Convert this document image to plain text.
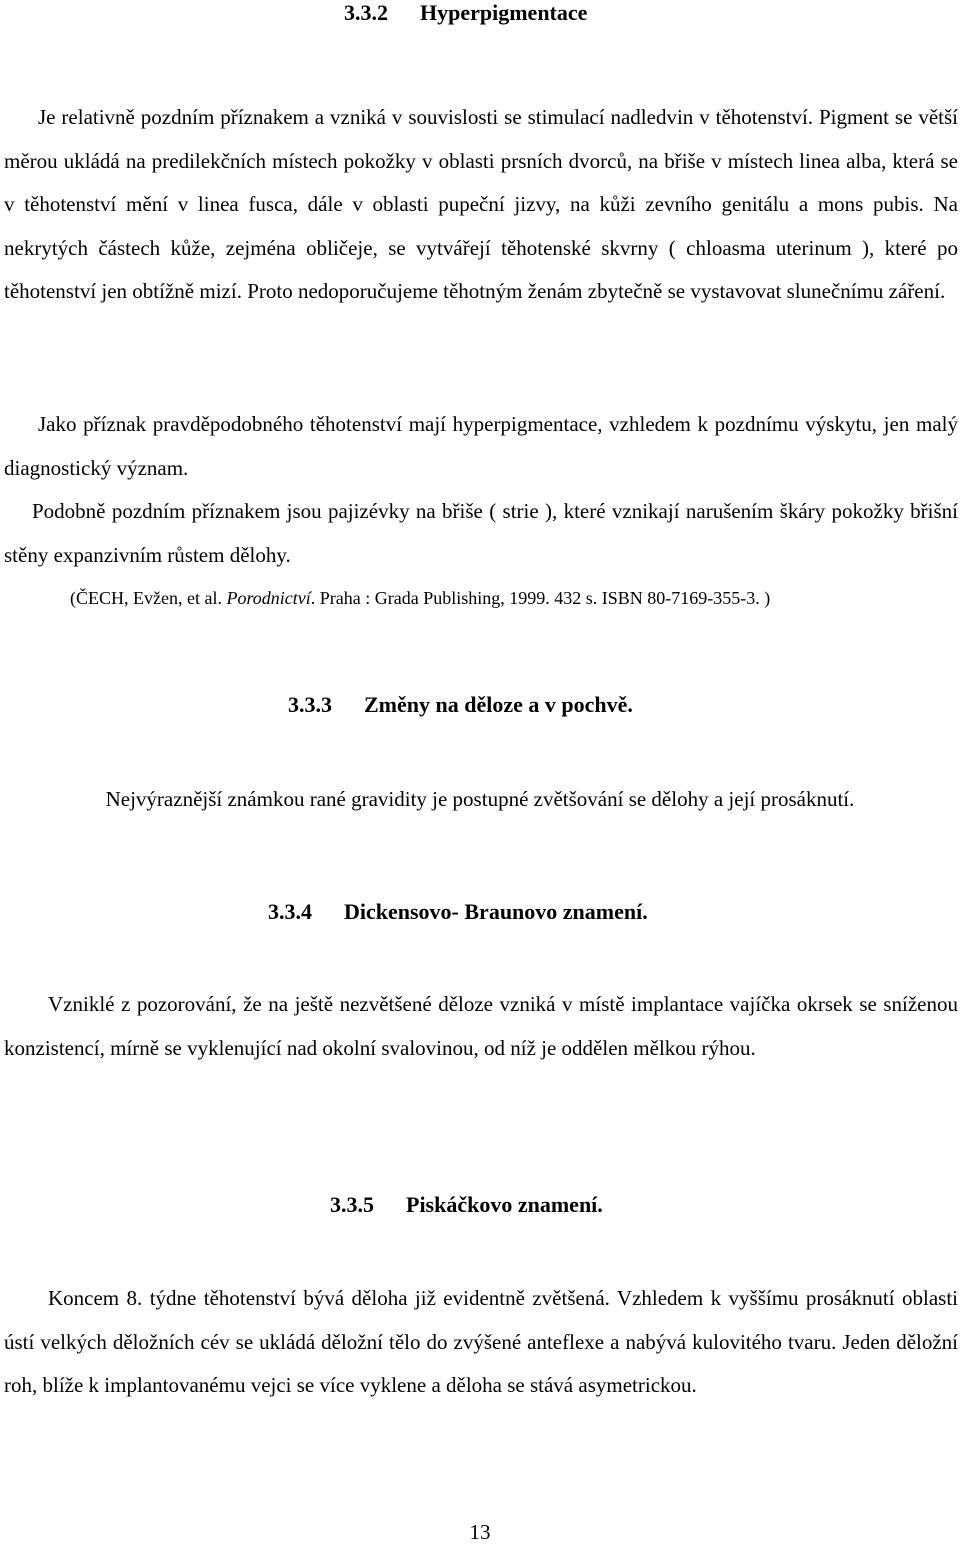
3.3.2 Hyperpigmentace

Je relativně pozdním příznakem a vzniká v souvislosti se stimulací nadledvin v těhotenství. Pigment se větší měrou ukládá na predilekčních místech pokožky v oblasti prsních dvorců, na břiše v místech linea alba, která se v těhotenství mění v linea fusca, dále v oblasti pupeční jizvy, na kůži zevního genitálu a mons pubis. Na nekrytých částech kůže, zejména obličeje, se vytvářejí těhotenské skvrny ( chloasma uterinum ), které po těhotenství jen obtížně mizí. Proto nedoporučujeme těhotným ženám zbytečně se vystavovat slunečnímu záření.

Jako příznak pravděpodobného těhotenství mají hyperpigmentace, vzhledem k pozdnímu výskytu, jen malý diagnostický význam.

Podobně pozdním příznakem jsou pajizévky na břiše ( strie ), které vznikají narušením škáry pokožky břišní stěny expanzivním růstem dělohy.

(ČECH, Evžen, et al. Porodnictví. Praha : Grada Publishing, 1999. 432 s. ISBN 80-7169-355-3. )
3.3.3 Změny na děloze a v pochvě.
Nejvýraznější známkou rané gravidity je postupné zvětšování se dělohy a její prosáknutí.
3.3.4 Dickensovo- Braunovo znamení.

Vzniklé z pozorování, že na ještě nezvětšené děloze vzniká v místě implantace vajíčka okrsek se sníženou konzistencí, mírně se vyklenující nad okolní svalovinou, od níž je oddělen mělkou rýhou.

3.3.5 Piskáčkovo znamení.

Koncem 8. týdne těhotenství bývá děloha již evidentně zvětšená. Vzhledem k vyššímu prosáknutí oblasti ústí velkých děložních cév se ukládá děložní tělo do zvýšené anteflexe a nabývá kulovitého tvaru. Jeden děložní roh, blíže k implantovanému vejci se více vyklene a děloha se stává asymetrickou.

13
